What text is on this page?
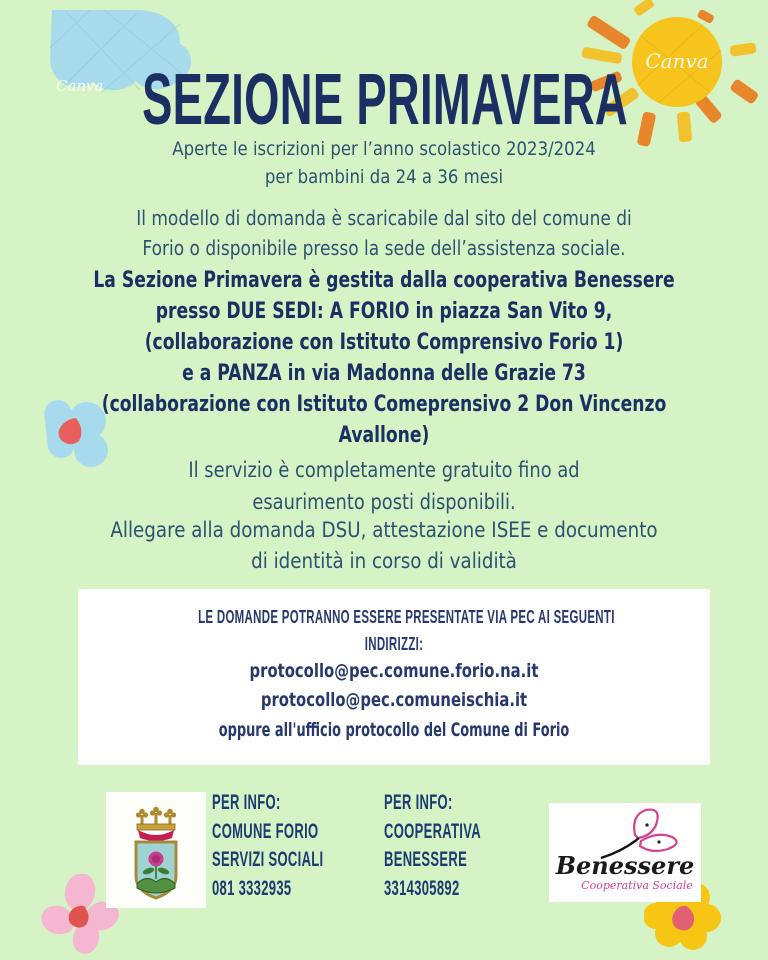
Canva
Canva
SEZIONE PRIMAVERA
Aperte le iscrizioni per l’anno scolastico 2023/2024
per bambini da 24 a 36 mesi
Il modello di domanda è scaricabile dal sito del comune di
Forio o disponibile presso la sede dell’assistenza sociale.
La Sezione Primavera è gestita dalla cooperativa Benessere
presso DUE SEDI: A FORIO in piazza San Vito 9,
(collaborazione con Istituto Comprensivo Forio 1)
e a PANZA in via Madonna delle Grazie 73
(collaborazione con Istituto Comeprensivo 2 Don Vincenzo
Avallone)
Il servizio è completamente gratuito fino ad
esaurimento posti disponibili.
Allegare alla domanda DSU, attestazione ISEE e documento
di identità in corso di validità
LE DOMANDE POTRANNO ESSERE PRESENTATE VIA PEC AI SEGUENTI
INDIRIZZI:
protocollo@pec.comune.forio.na.it
protocollo@pec.comuneischia.it
oppure all'ufficio protocollo del Comune di Forio
PER INFO:
COMUNE FORIO
SERVIZI SOCIALI
081 3332935
PER INFO:
COOPERATIVA
BENESSERE
3314305892
Benessere
Cooperativa Sociale
